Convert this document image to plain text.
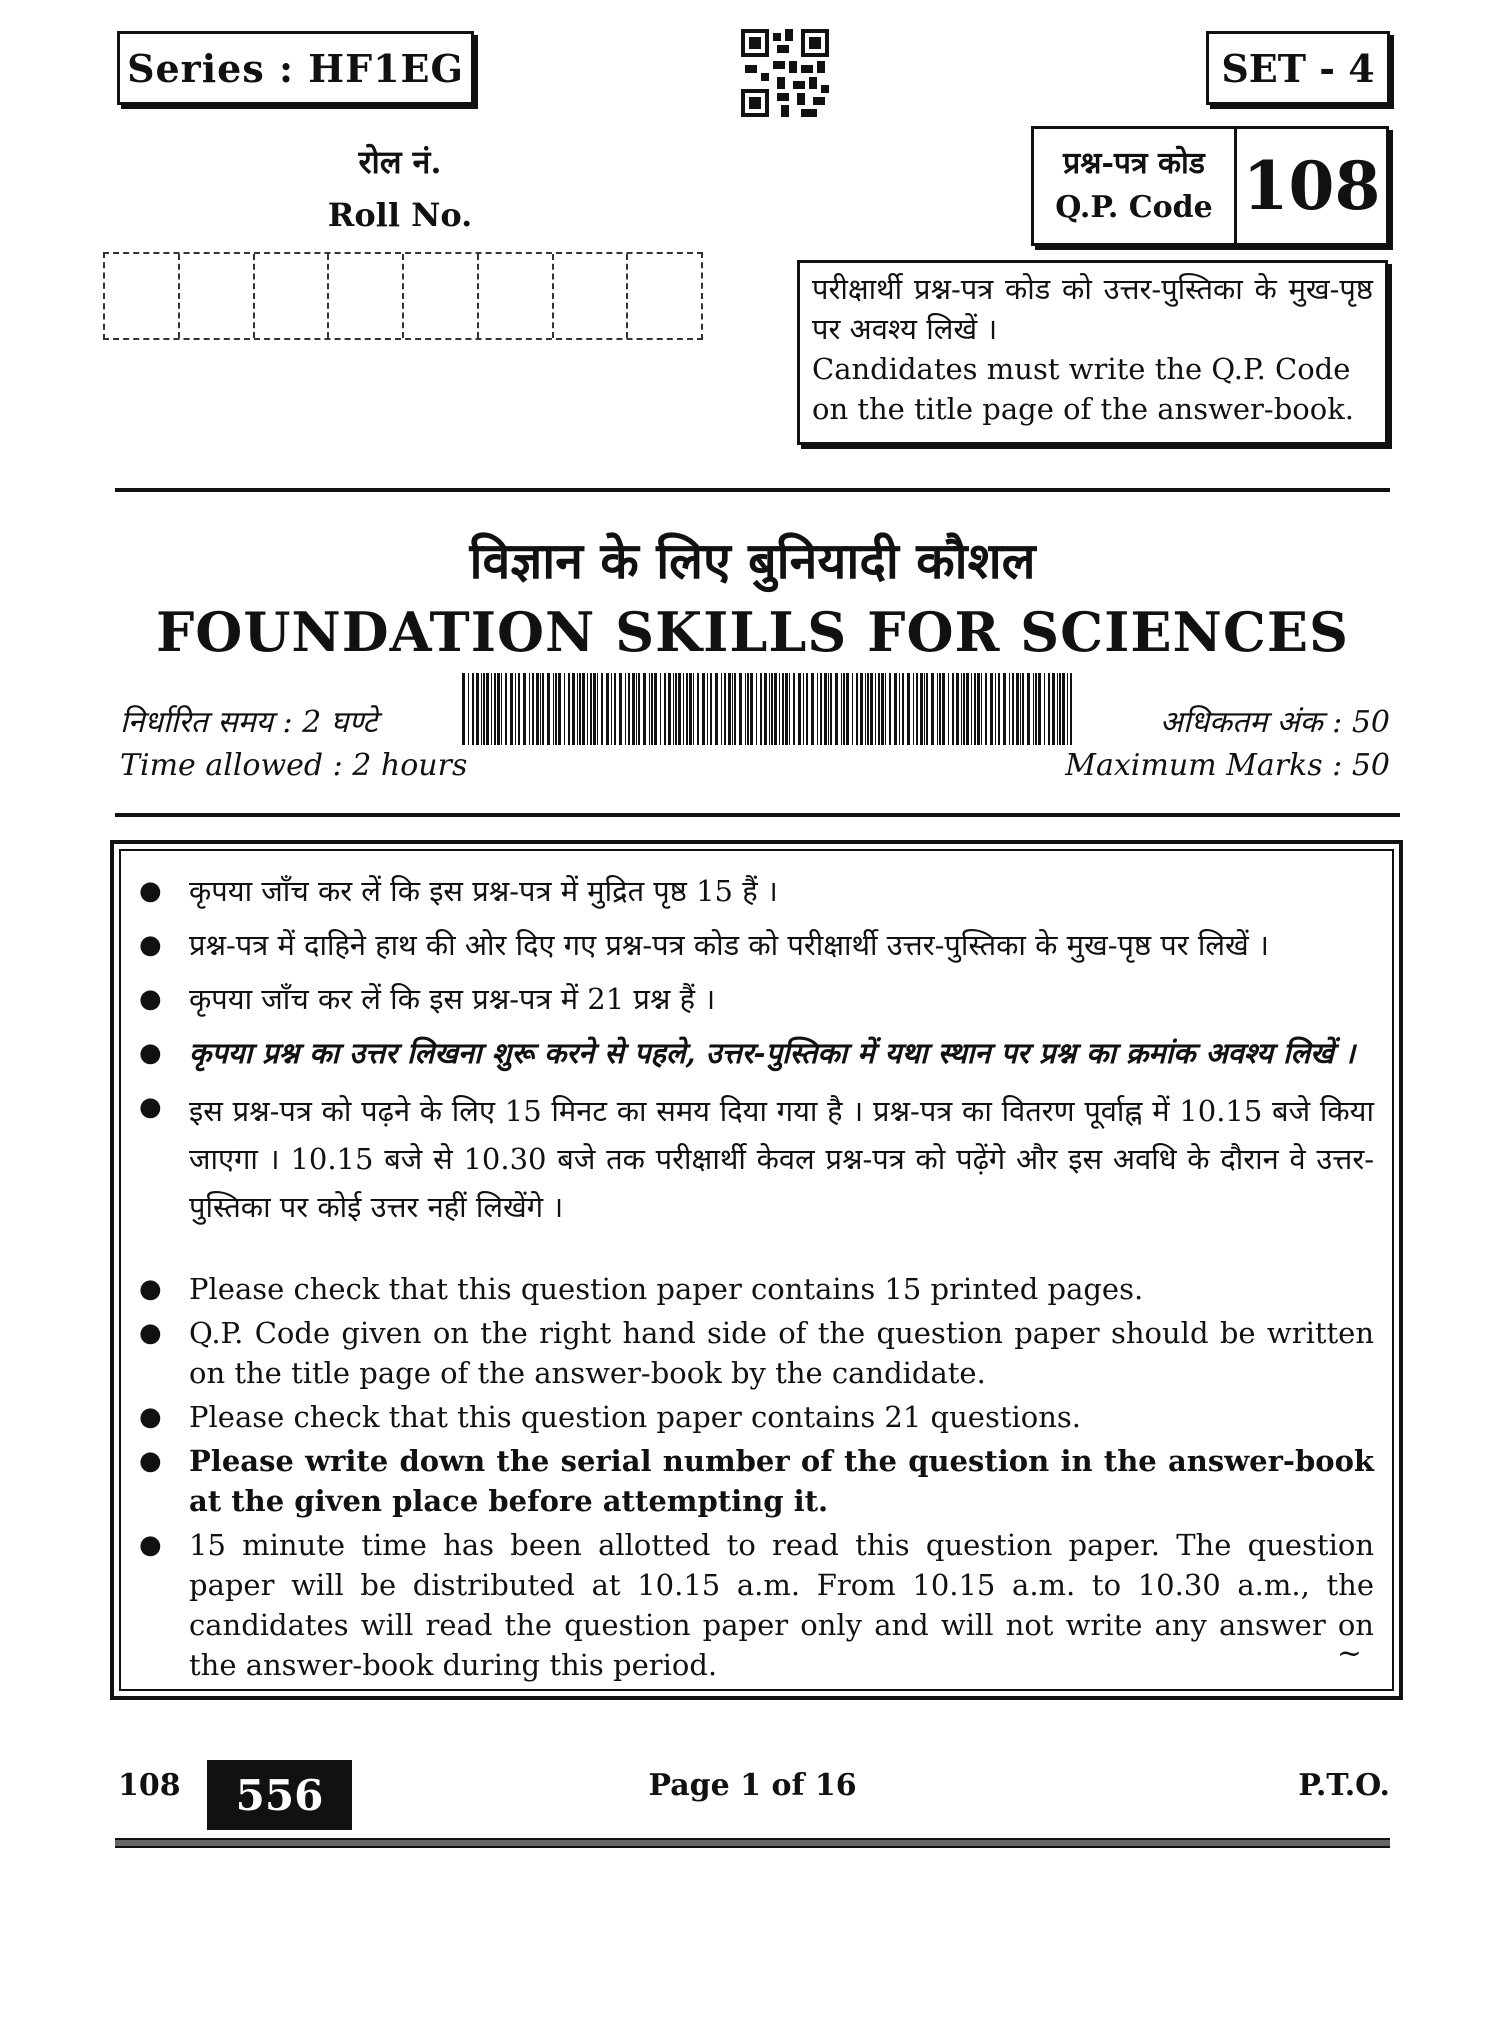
Series : HF1EG	SET - 4
रोल नं.
Roll No.
प्रश्न-पत्र कोड
Q.P. Code 108
परीक्षार्थी प्रश्न-पत्र कोड को उत्तर-पुस्तिका के मुख-पृष्ठ पर अवश्य लिखें ।
Candidates must write the Q.P. Code on the title page of the answer-book.
विज्ञान के लिए बुनियादी कौशल
FOUNDATION SKILLS FOR SCIENCES
निर्धारित समय : 2 घण्टे
Time allowed : 2 hours
अधिकतम अंक : 50
Maximum Marks : 50
● कृपया जाँच कर लें कि इस प्रश्न-पत्र में मुद्रित पृष्ठ 15 हैं ।
● प्रश्न-पत्र में दाहिने हाथ की ओर दिए गए प्रश्न-पत्र कोड को परीक्षार्थी उत्तर-पुस्तिका के मुख-पृष्ठ पर लिखें ।
● कृपया जाँच कर लें कि इस प्रश्न-पत्र में 21 प्रश्न हैं ।
● कृपया प्रश्न का उत्तर लिखना शुरू करने से पहले, उत्तर-पुस्तिका में यथा स्थान पर प्रश्न का क्रमांक अवश्य लिखें ।
● इस प्रश्न-पत्र को पढ़ने के लिए 15 मिनट का समय दिया गया है । प्रश्न-पत्र का वितरण पूर्वाह्न में 10.15 बजे किया जाएगा । 10.15 बजे से 10.30 बजे तक परीक्षार्थी केवल प्रश्न-पत्र को पढ़ेंगे और इस अवधि के दौरान वे उत्तर-पुस्तिका पर कोई उत्तर नहीं लिखेंगे ।
● Please check that this question paper contains 15 printed pages.
● Q.P. Code given on the right hand side of the question paper should be written on the title page of the answer-book by the candidate.
● Please check that this question paper contains 21 questions.
● Please write down the serial number of the question in the answer-book at the given place before attempting it.
● 15 minute time has been allotted to read this question paper. The question paper will be distributed at 10.15 a.m. From 10.15 a.m. to 10.30 a.m., the candidates will read the question paper only and will not write any answer on the answer-book during this period.	~
108	556	Page 1 of 16	P.T.O.
